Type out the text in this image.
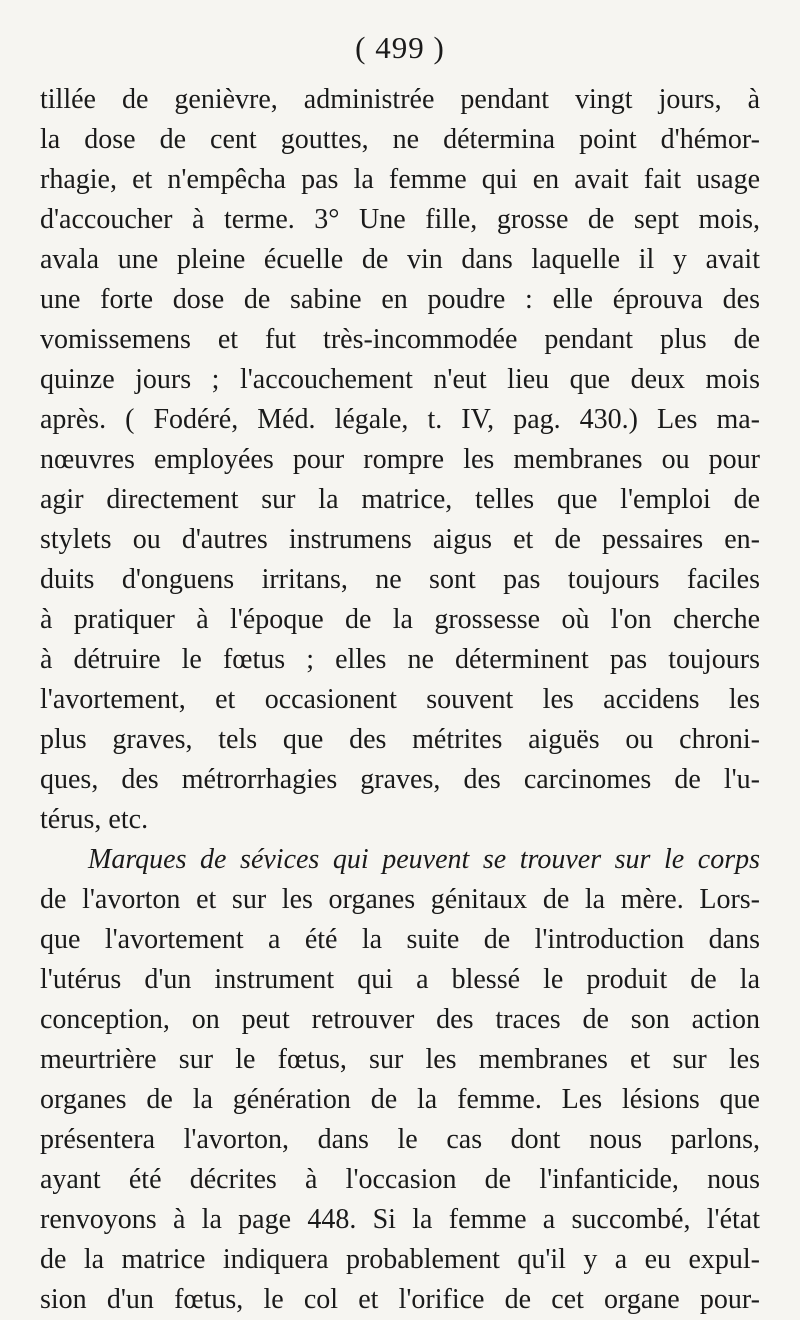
( 499 )
tillée de genièvre, administrée pendant vingt jours, à
la dose de cent gouttes, ne détermina point d'hémor-
rhagie, et n'empêcha pas la femme qui en avait fait usage
d'accoucher à terme. 3° Une fille, grosse de sept mois,
avala une pleine écuelle de vin dans laquelle il y avait
une forte dose de sabine en poudre : elle éprouva des
vomissemens et fut très-incommodée pendant plus de
quinze jours ; l'accouchement n'eut lieu que deux mois
après. ( Fodéré, Méd. légale, t. IV, pag. 430.) Les ma-
nœuvres employées pour rompre les membranes ou pour
agir directement sur la matrice, telles que l'emploi de
stylets ou d'autres instrumens aigus et de pessaires en-
duits d'onguens irritans, ne sont pas toujours faciles
à pratiquer à l'époque de la grossesse où l'on cherche
à détruire le fœtus ; elles ne déterminent pas toujours
l'avortement, et occasionent souvent les accidens les
plus graves, tels que des métrites aiguës ou chroni-
ques, des métrorrhagies graves, des carcinomes de l'u-
térus, etc.
Marques de sévices qui peuvent se trouver sur le corps
de l'avorton et sur les organes génitaux de la mère. Lors-
que l'avortement a été la suite de l'introduction dans
l'utérus d'un instrument qui a blessé le produit de la
conception, on peut retrouver des traces de son action
meurtrière sur le fœtus, sur les membranes et sur les
organes de la génération de la femme. Les lésions que
présentera l'avorton, dans le cas dont nous parlons,
ayant été décrites à l'occasion de l'infanticide, nous
renvoyons à la page 448. Si la femme a succombé, l'état
de la matrice indiquera probablement qu'il y a eu expul-
sion d'un fœtus, le col et l'orifice de cet organe pour-
